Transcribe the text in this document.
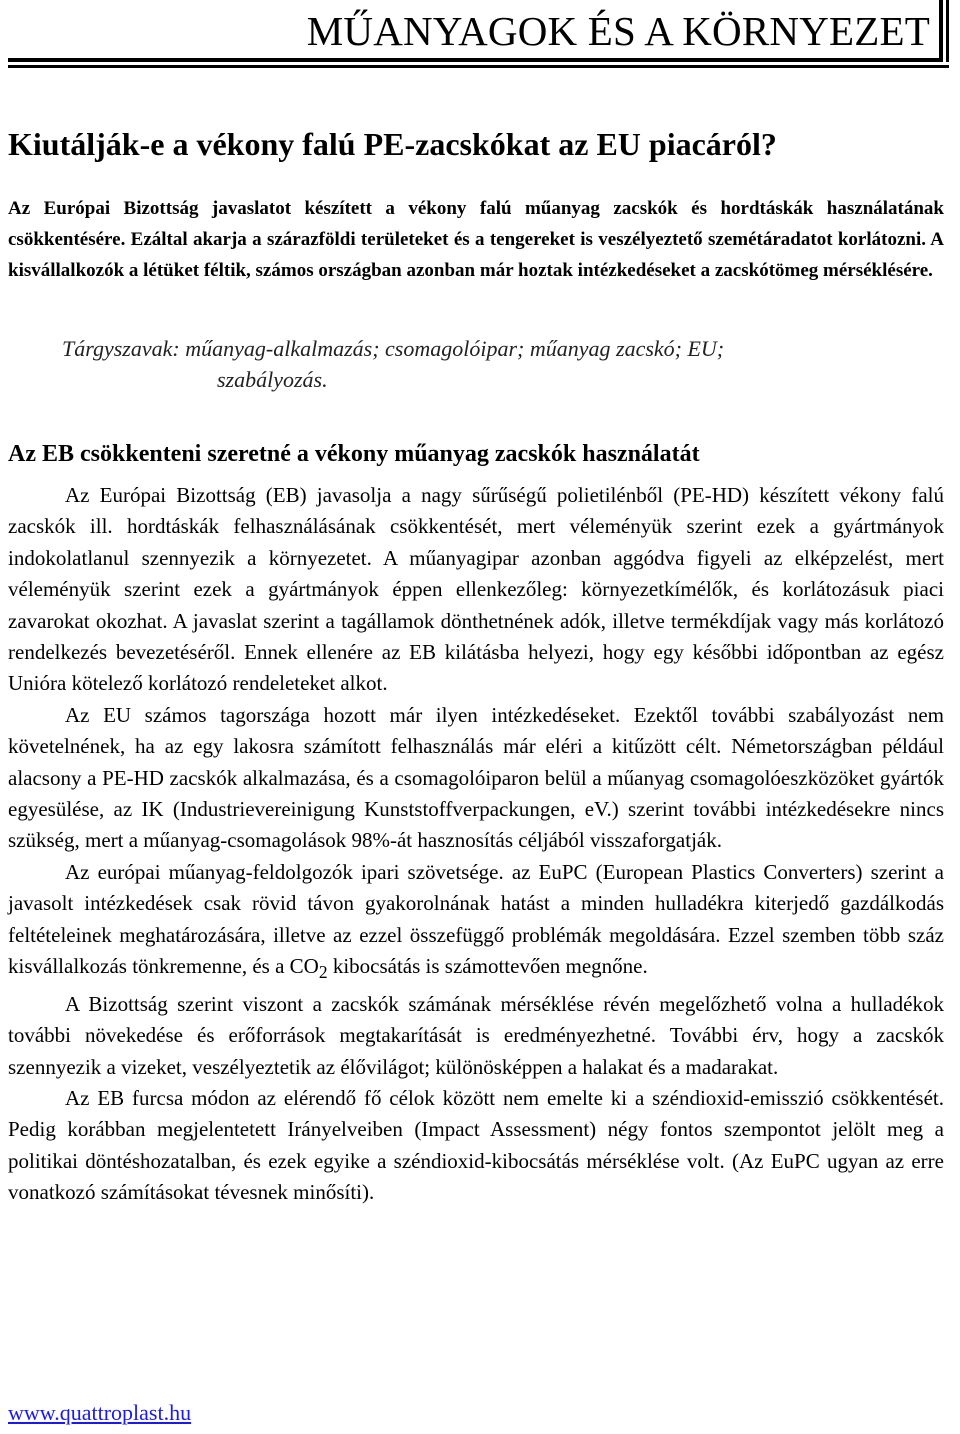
MŰANYAGOK ÉS A KÖRNYEZET
Kiutálják-e a vékony falú PE-zacskókat az EU piacáról?

Az Európai Bizottság javaslatot készített a vékony falú műanyag zacskók és hordtáskák használatának csökkentésére. Ezáltal akarja a szárazföldi területeket és a tengereket is veszélyeztető szemétáradatot korlátozni. A kisvállalkozók a létüket féltik, számos országban azonban már hoztak intézkedéseket a zacskótömeg mérséklésére.

Tárgyszavak: műanyag-alkalmazás; csomagolóipar; műanyag zacskó; EU;
szabályozás.
Az EB csökkenteni szeretné a vékony műanyag zacskók használatát

Az Európai Bizottság (EB) javasolja a nagy sűrűségű polietilénből (PE-HD) készített vékony falú zacskók ill. hordtáskák felhasználásának csökkentését, mert véleményük szerint ezek a gyártmányok indokolatlanul szennyezik a környezetet. A műanyagipar azonban aggódva figyeli az elképzelést, mert véleményük szerint ezek a gyártmányok éppen ellenkezőleg: környezetkímélők, és korlátozásuk piaci zavarokat okozhat. A javaslat szerint a tagállamok dönthetnének adók, illetve termékdíjak vagy más korlátozó rendelkezés bevezetéséről. Ennek ellenére az EB kilátásba helyezi, hogy egy későbbi időpontban az egész Unióra kötelező korlátozó rendeleteket alkot.

Az EU számos tagországa hozott már ilyen intézkedéseket. Ezektől további szabályozást nem követelnének, ha az egy lakosra számított felhasználás már eléri a kitűzött célt. Németországban például alacsony a PE-HD zacskók alkalmazása, és a csomagolóiparon belül a műanyag csomagolóeszközöket gyártók egyesülése, az IK (Industrievereinigung Kunststoffverpackungen, eV.) szerint további intézkedésekre nincs szükség, mert a műanyag-csomagolások 98%-át hasznosítás céljából visszaforgatják.

Az európai műanyag-feldolgozók ipari szövetsége. az EuPC (European Plastics Converters) szerint a javasolt intézkedések csak rövid távon gyakorolnának hatást a minden hulladékra kiterjedő gazdálkodás feltételeinek meghatározására, illetve az ezzel összefüggő problémák megoldására. Ezzel szemben több száz kisvállalkozás tönkremenne, és a $CO_2$ kibocsátás is számottevően megnőne.

A Bizottság szerint viszont a zacskók számának mérséklése révén megelőzhető volna a hulladékok további növekedése és erőforrások megtakarítását is eredményezhetné. További érv, hogy a zacskók szennyezik a vizeket, veszélyeztetik az élővilágot; különösképpen a halakat és a madarakat.

Az EB furcsa módon az elérendő fő célok között nem emelte ki a széndioxid-emisszió csökkentését. Pedig korábban megjelentetett Irányelveiben (Impact Assessment) négy fontos szempontot jelölt meg a politikai döntéshozatalban, és ezek egyike a széndioxid-kibocsátás mérséklése volt. (Az EuPC ugyan az erre vonatkozó számításokat tévesnek minősíti).

www.quattroplast.hu
